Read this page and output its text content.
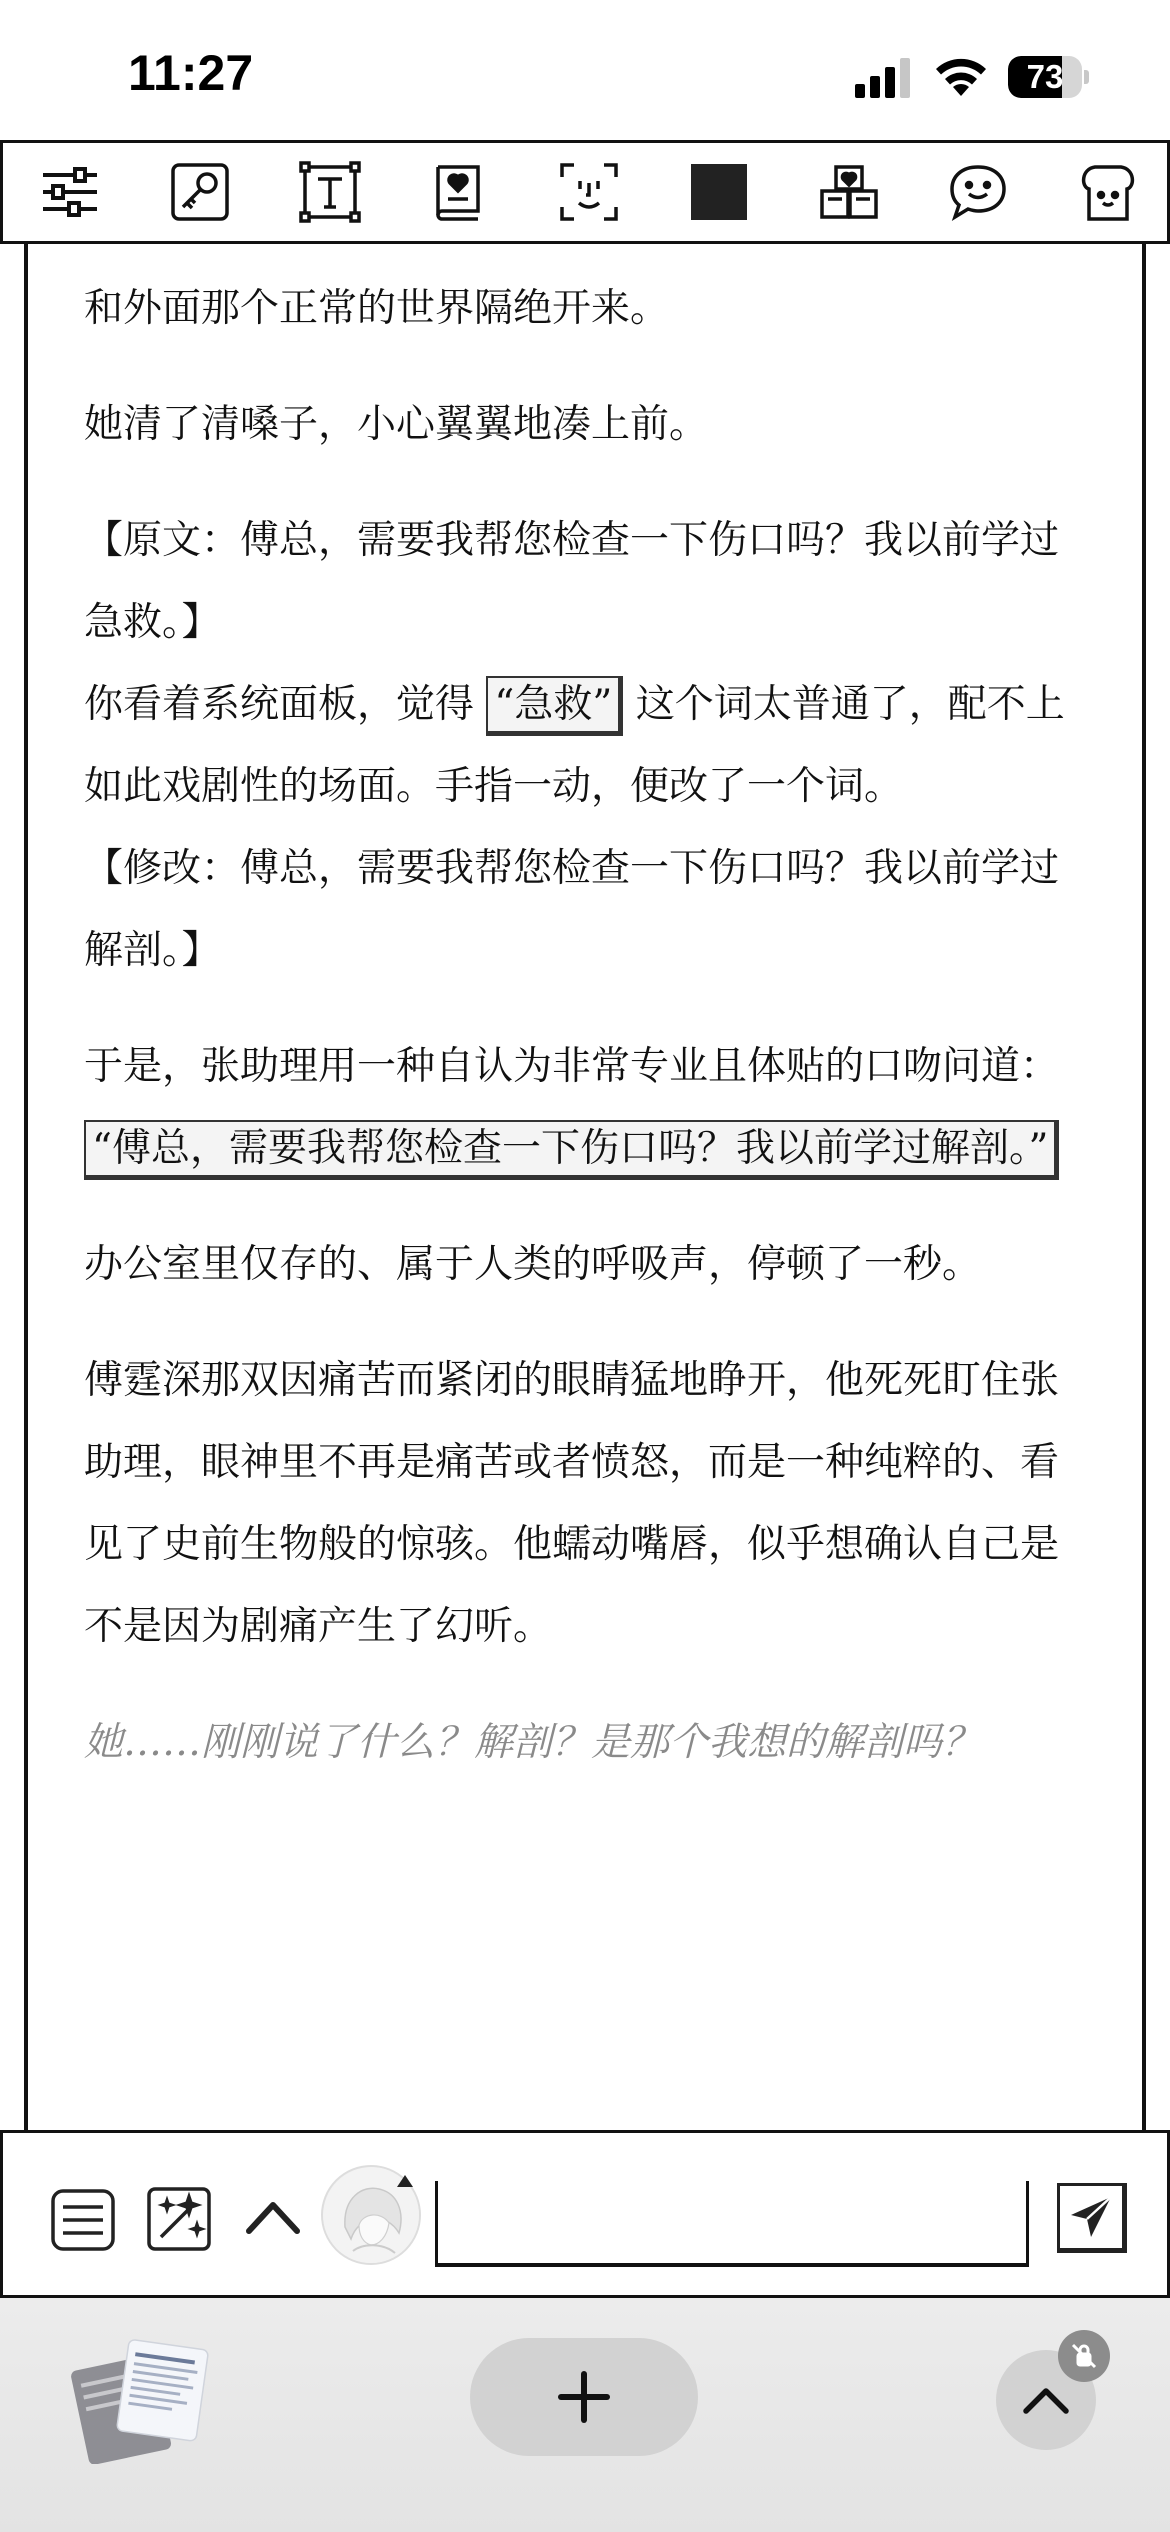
11:27	73

和外面那个正常的世界隔绝开来。

她清了清嗓子，小心翼翼地凑上前。

【原文：傅总，需要我帮您检查一下伤口吗？我以前学过急救。】

你看着系统面板，觉得 “急救” 这个词太普通了，配不上如此戏剧性的场面。手指一动，便改了一个词。

【修改：傅总，需要我帮您检查一下伤口吗？我以前学过解剖。】

于是，张助理用一种自认为非常专业且体贴的口吻问道： “傅总，需要我帮您检查一下伤口吗？我以前学过解剖。”

办公室里仅存的、属于人类的呼吸声，停顿了一秒。

傅霆深那双因痛苦而紧闭的眼睛猛地睁开，他死死盯住张助理，眼神里不再是痛苦或者愤怒，而是一种纯粹的、看见了史前生物般的惊骇。他蠕动嘴唇，似乎想确认自己是不是因为剧痛产生了幻听。

她……刚刚说了什么？解剖？是那个我想的解剖吗？
